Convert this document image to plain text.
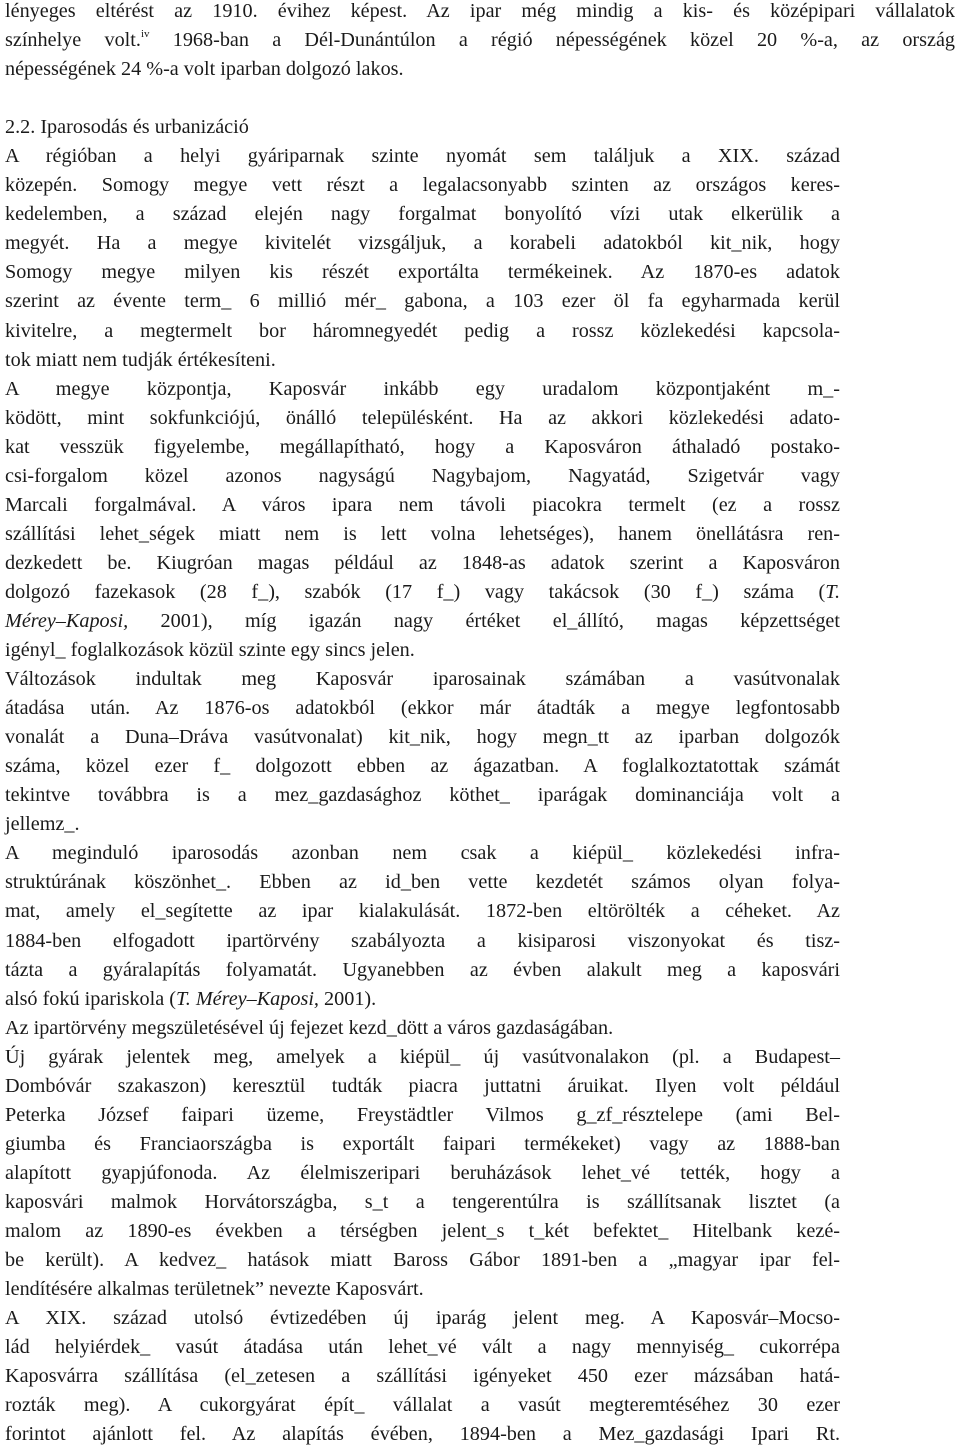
lényeges eltérést az 1910. évihez képest. Az ipar még mindig a kis- és középipari vállalatok
színhelye volt.$^{iv}$ 1968-ban a Dél-Dunántúlon a régió népességének közel 20 %-a, az ország
népességének 24 %-a volt iparban dolgozó lakos.
2.2. Iparosodás és urbanizáció
A régióban a helyi gyáriparnak szinte nyomát sem találjuk a XIX. század
közepén. Somogy megye vett részt a legalacsonyabb szinten az országos keres-
kedelemben, a század elején nagy forgalmat bonyolító vízi utak elkerülik a
megyét. Ha a megye kivitelét vizsgáljuk, a korabeli adatokból kit_nik, hogy
Somogy megye milyen kis részét exportálta termékeinek. Az 1870-es adatok
szerint az évente term_ 6 millió mér_ gabona, a 103 ezer öl fa egyharmada kerül
kivitelre, a megtermelt bor háromnegyedét pedig a rossz közlekedési kapcsola-
tok miatt nem tudják értékesíteni.
A megye központja, Kaposvár inkább egy uradalom központjaként m_-
ködött, mint sokfunkciójú, önálló településként. Ha az akkori közlekedési adato-
kat vesszük figyelembe, megállapítható, hogy a Kaposváron áthaladó postako-
csi-forgalom közel azonos nagyságú Nagybajom, Nagyatád, Szigetvár vagy
Marcali forgalmával. A város ipara nem távoli piacokra termelt (ez a rossz
szállítási lehet_ségek miatt nem is lett volna lehetséges), hanem önellátásra ren-
dezkedett be. Kiugróan magas például az 1848-as adatok szerint a Kaposváron
dolgozó fazekasok (28 f_), szabók (17 f_) vagy takácsok (30 f_) száma (T.
Mérey–Kaposi, 2001), míg igazán nagy értéket el_állító, magas képzettséget
igényl_ foglalkozások közül szinte egy sincs jelen.
Változások indultak meg Kaposvár iparosainak számában a vasútvonalak
átadása után. Az 1876-os adatokból (ekkor már átadták a megye legfontosabb
vonalát a Duna–Dráva vasútvonalat) kit_nik, hogy megn_tt az iparban dolgozók
száma, közel ezer f_ dolgozott ebben az ágazatban. A foglalkoztatottak számát
tekintve továbbra is a mez_gazdasághoz köthet_ iparágak dominanciája volt a
jellemz_.
A meginduló iparosodás azonban nem csak a kiépül_ közlekedési infra-
struktúrának köszönhet_. Ebben az id_ben vette kezdetét számos olyan folya-
mat, amely el_segítette az ipar kialakulását. 1872-ben eltörölték a céheket. Az
1884-ben elfogadott ipartörvény szabályozta a kisiparosi viszonyokat és tisz-
tázta a gyáralapítás folyamatát. Ugyanebben az évben alakult meg a kaposvári
alsó fokú ipariskola (T. Mérey–Kaposi, 2001).
Az ipartörvény megszületésével új fejezet kezd_dött a város gazdaságában.
Új gyárak jelentek meg, amelyek a kiépül_ új vasútvonalakon (pl. a Budapest–
Dombóvár szakaszon) keresztül tudták piacra juttatni áruikat. Ilyen volt például
Peterka József faipari üzeme, Freystädtler Vilmos g_zf_résztelepe (ami Bel-
giumba és Franciaországba is exportált faipari termékeket) vagy az 1888-ban
alapított gyapjúfonoda. Az élelmiszeripari beruházások lehet_vé tették, hogy a
kaposvári malmok Horvátországba, s_t a tengerentúlra is szállítsanak lisztet (a
malom az 1890-es években a térségben jelent_s t_két befektet_ Hitelbank kezé-
be került). A kedvez_ hatások miatt Baross Gábor 1891-ben a „magyar ipar fel-
lendítésére alkalmas területnek” nevezte Kaposvárt.
A XIX. század utolsó évtizedében új iparág jelent meg. A Kaposvár–Mocso-
lád helyiérdek_ vasút átadása után lehet_vé vált a nagy mennyiség_ cukorrépa
Kaposvárra szállítása (el_zetesen a szállítási igényeket 450 ezer mázsában hatá-
rozták meg). A cukorgyárat épít_ vállalat a vasút megteremtéséhez 30 ezer
forintot ajánlott fel. Az alapítás évében, 1894-ben a Mez_gazdasági Ipari Rt.
